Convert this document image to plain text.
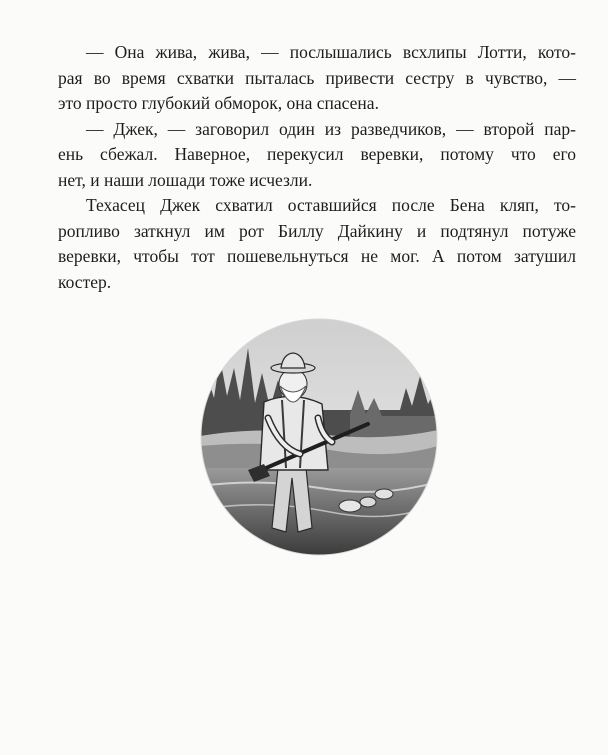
— Она жива, жива, — послышались всхлипы Лотти, кото-
рая во время схватки пыталась привести сестру в чувство, —
это просто глубокий обморок, она спасена.
— Джек, — заговорил один из разведчиков, — второй пар-
ень сбежал. Наверное, перекусил веревки, потому что его
нет, и наши лошади тоже исчезли.
Техасец Джек схватил оставшийся после Бена кляп, то-
ропливо заткнул им рот Биллу Дайкину и подтянул потуже
веревки, чтобы тот пошевельнуться не мог. А потом затушил
костер.
